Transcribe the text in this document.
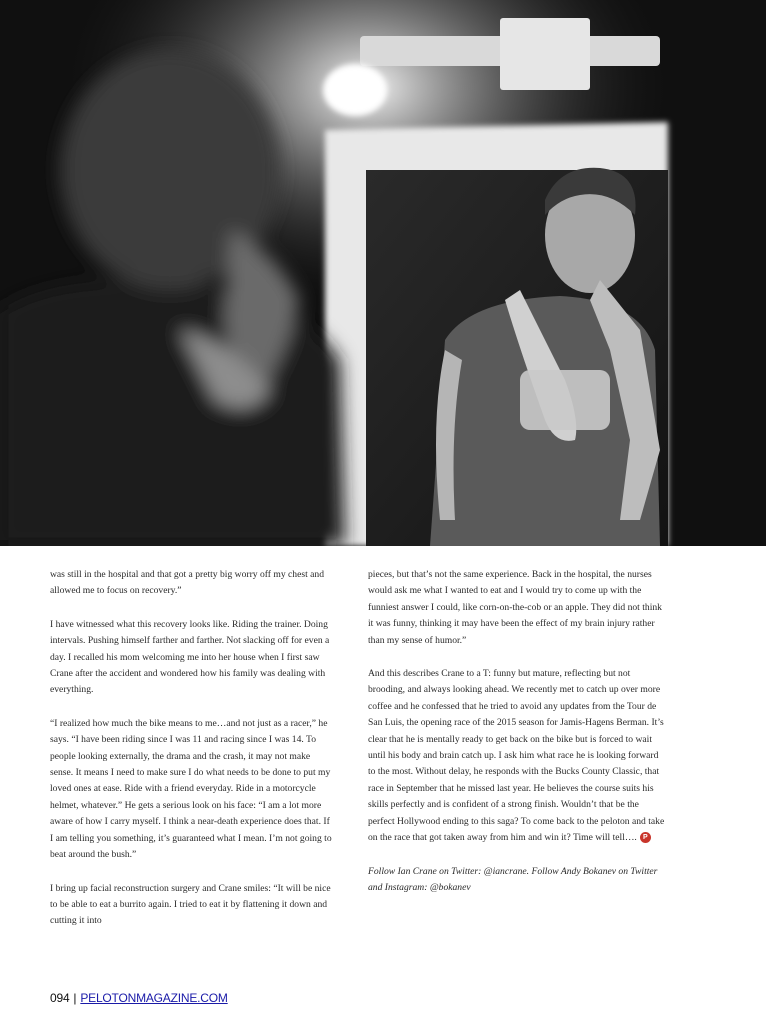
was still in the hospital and that got a pretty big worry off my chest and allowed me to focus on recovery.”

I have witnessed what this recovery looks like. Riding the trainer. Doing intervals. Pushing himself farther and farther. Not slacking off for even a day. I recalled his mom welcoming me into her house when I first saw Crane after the accident and wondered how his family was dealing with everything.

“I realized how much the bike means to me…and not just as a racer,” he says. “I have been riding since I was 11 and racing since I was 14. To people looking externally, the drama and the crash, it may not make sense. It means I need to make sure I do what needs to be done to put my loved ones at ease. Ride with a friend everyday. Ride in a motorcycle helmet, whatever.” He gets a serious look on his face: “I am a lot more aware of how I carry myself. I think a near-death experience does that. If I am telling you something, it’s guaranteed what I mean. I’m not going to beat around the bush.”

I bring up facial reconstruction surgery and Crane smiles: “It will be nice to be able to eat a burrito again. I tried to eat it by flattening it down and cutting it into

pieces, but that’s not the same experience. Back in the hospital, the nurses would ask me what I wanted to eat and I would try to come up with the funniest answer I could, like corn-on-the-cob or an apple. They did not think it was funny, thinking it may have been the effect of my brain injury rather than my sense of humor.”

And this describes Crane to a T: funny but mature, reflecting but not brooding, and always looking ahead. We recently met to catch up over more coffee and he confessed that he tried to avoid any updates from the Tour de San Luis, the opening race of the 2015 season for Jamis-Hagens Berman. It’s clear that he is mentally ready to get back on the bike but is forced to wait until his body and brain catch up. I ask him what race he is looking forward to the most. Without delay, he responds with the Bucks County Classic, that race in September that he missed last year. He believes the course suits his skills perfectly and is confident of a strong finish. Wouldn’t that be the perfect Hollywood ending to this saga? To come back to the peloton and take on the race that got taken away from him and win it? Time will tell…. P

Follow Ian Crane on Twitter: @iancrane. Follow Andy Bokanev on Twitter and Instagram: @bokanev

094 | PELOTONMAGAZINE.COM
